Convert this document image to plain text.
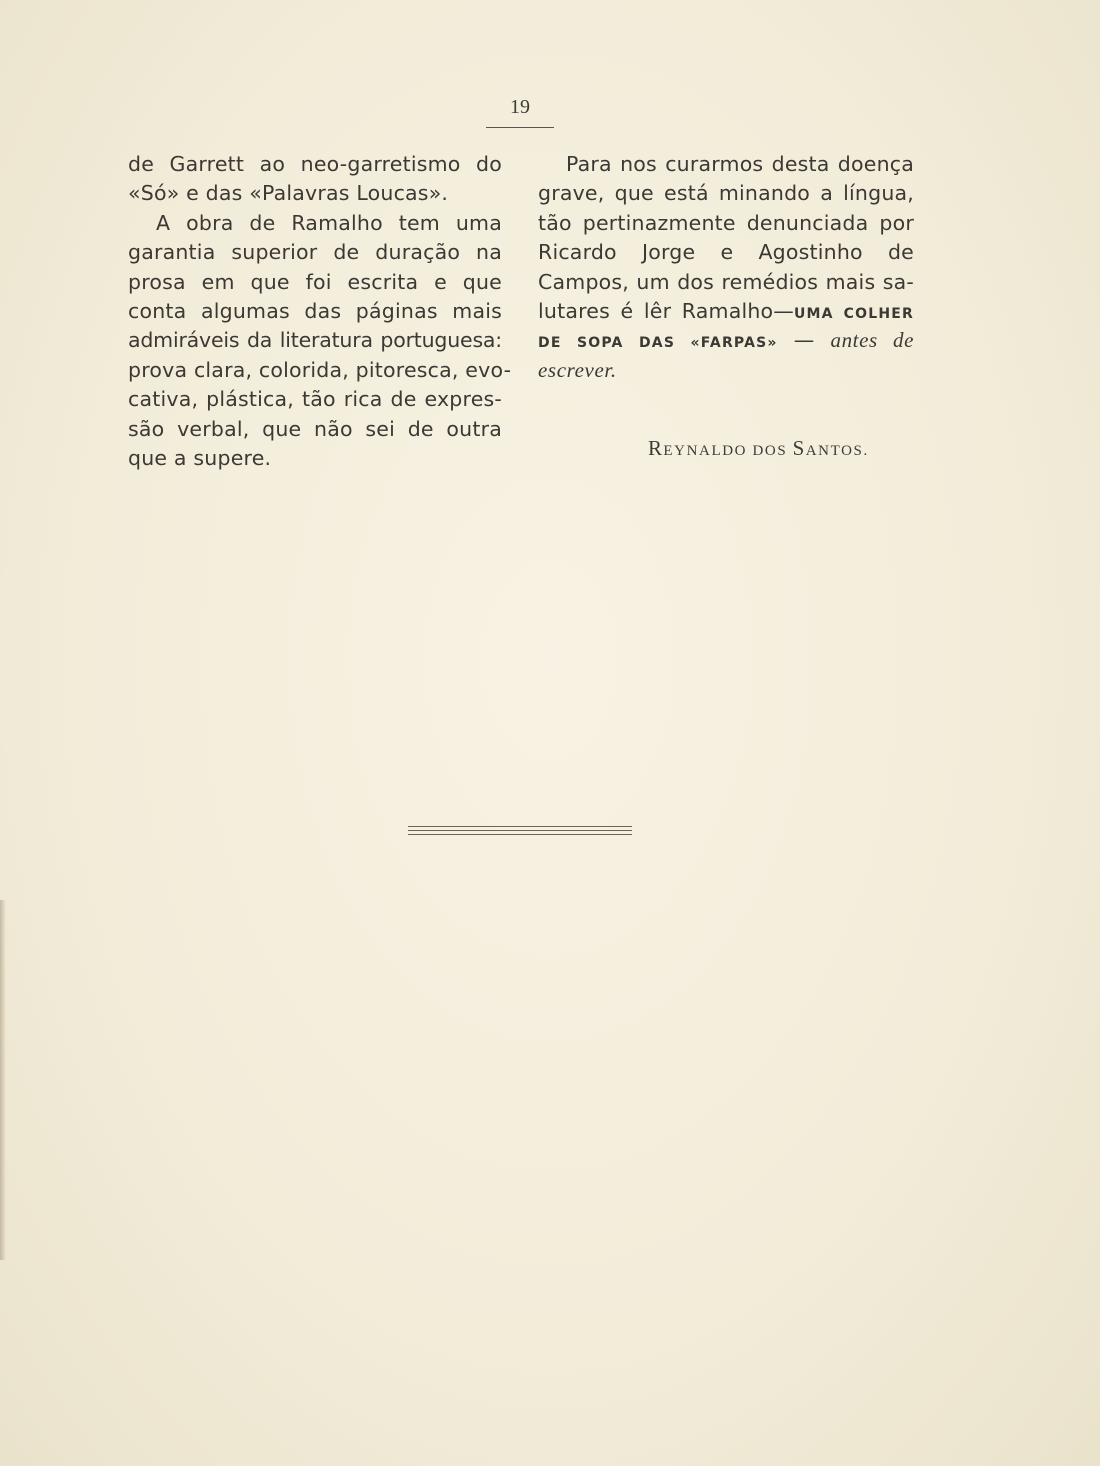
19
de Garrett ao neo-garretismo do
«Só» e das «Palavras Loucas».
A obra de Ramalho tem uma
garantia superior de duração na
prosa em que foi escrita e que
conta algumas das páginas mais
admiráveis da literatura portuguesa:
prova clara, colorida, pitoresca, evo-
cativa, plástica, tão rica de expres-
são verbal, que não sei de outra
que a supere.
Para nos curarmos desta doença
grave, que está minando a língua,
tão pertinazmente denunciada por
Ricardo Jorge e Agostinho de
Campos, um dos remédios mais sa-
lutares é lêr Ramalho—UMA COLHER
DE SOPA DAS «FARPAS» — antes de
escrever.
REYNALDO DOS SANTOS.
